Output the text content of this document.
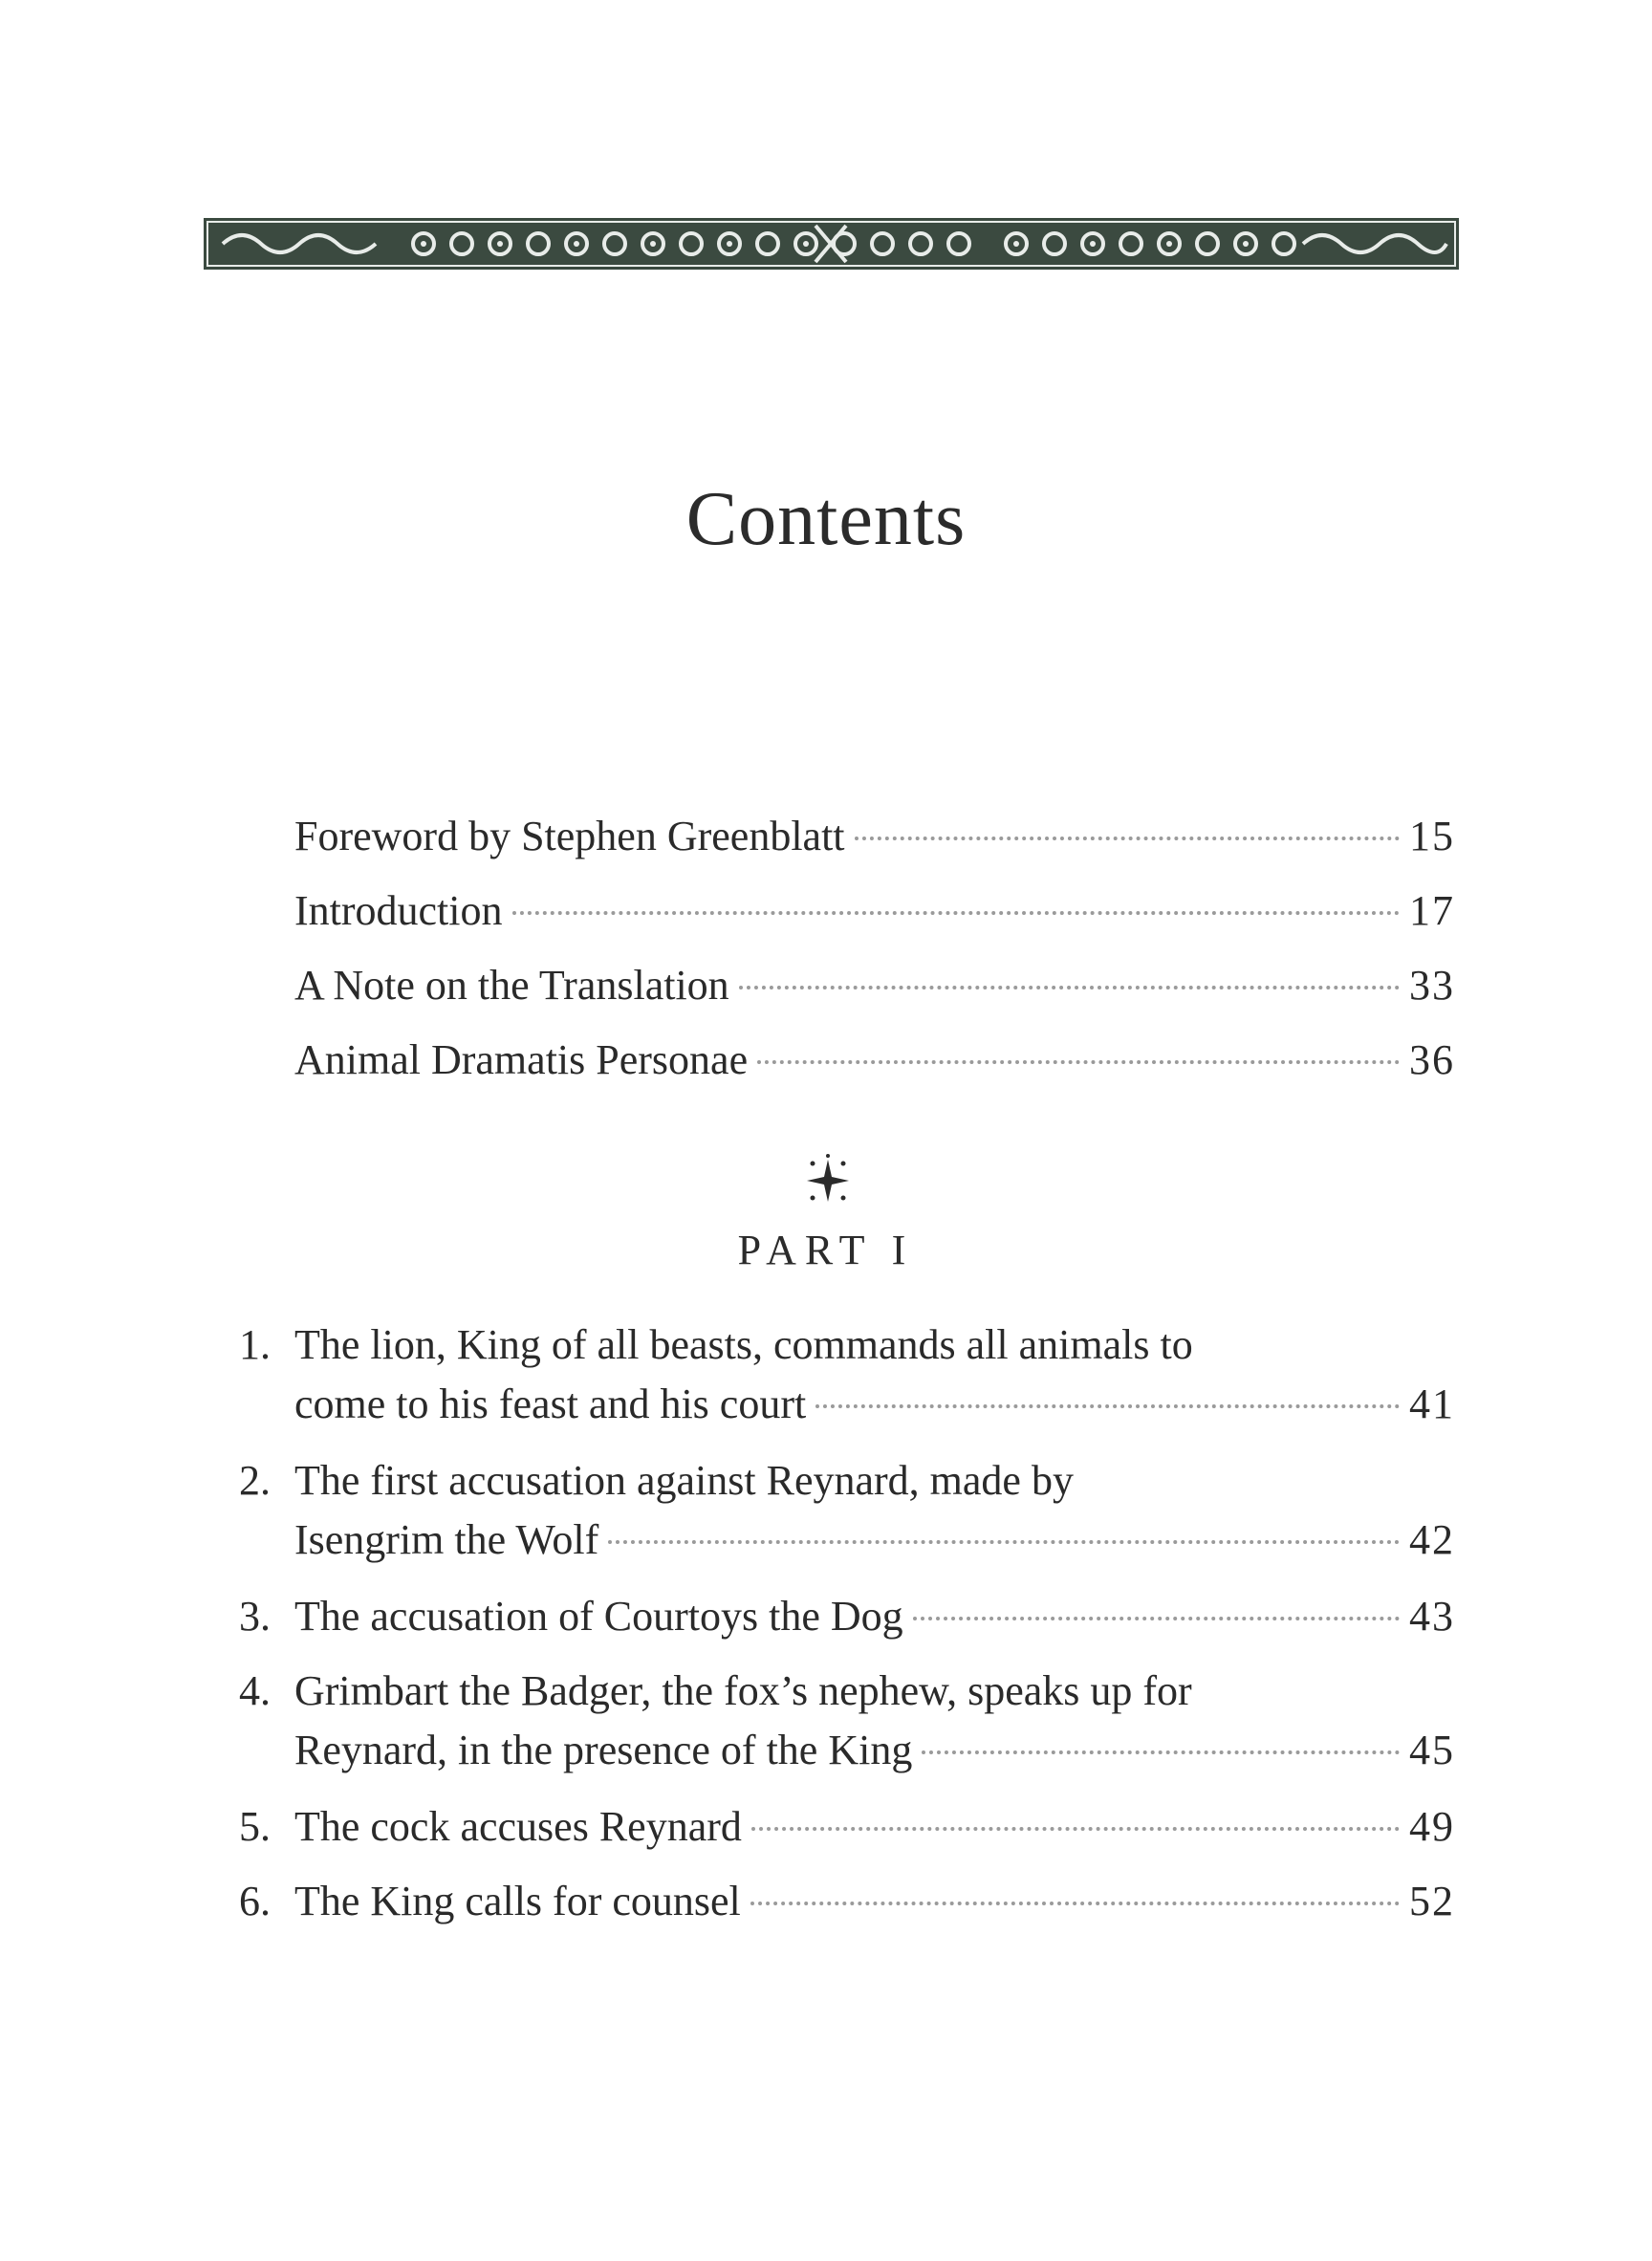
Contents
Foreword by Stephen Greenblatt	15
Introduction	17
A Note on the Translation	33
Animal Dramatis Personae	36
PART I
1. The lion, King of all beasts, commands all animals to
come to his feast and his court	41
2. The first accusation against Reynard, made by
Isengrim the Wolf	42
3. The accusation of Courtoys the Dog	43
4. Grimbart the Badger, the fox’s nephew, speaks up for
Reynard, in the presence of the King	45
5. The cock accuses Reynard	49
6. The King calls for counsel	52
